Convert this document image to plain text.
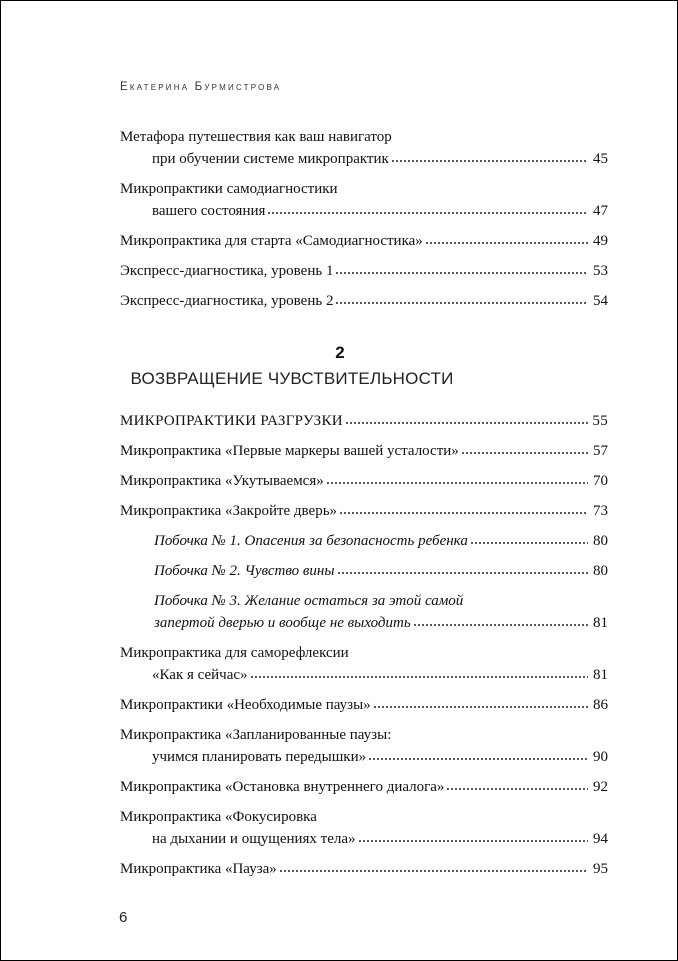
Екатерина Бурмистрова
Метафора путешествия как ваш навигатор
при обучении системе микропрактик	45
Микропрактики самодиагностики
вашего состояния	47
Микропрактика для старта «Самодиагностика»	49
Экспресс-диагностика, уровень 1	53
Экспресс-диагностика, уровень 2	54
2
ВОЗВРАЩЕНИЕ ЧУВСТВИТЕЛЬНОСТИ
МИКРОПРАКТИКИ РАЗГРУЗКИ	55
Микропрактика «Первые маркеры вашей усталости»	57
Микропрактика «Укутываемся»	70
Микропрактика «Закройте дверь»	73
Побочка № 1. Опасения за безопасность ребенка	80
Побочка № 2. Чувство вины	80
Побочка № 3. Желание остаться за этой самой
запертой дверью и вообще не выходить	81
Микропрактика для саморефлексии
«Как я сейчас»	81
Микропрактики «Необходимые паузы»	86
Микропрактика «Запланированные паузы:
учимся планировать передышки»	90
Микропрактика «Остановка внутреннего диалога»	92
Микропрактика «Фокусировка
на дыхании и ощущениях тела»	94
Микропрактика «Пауза»	95
6
